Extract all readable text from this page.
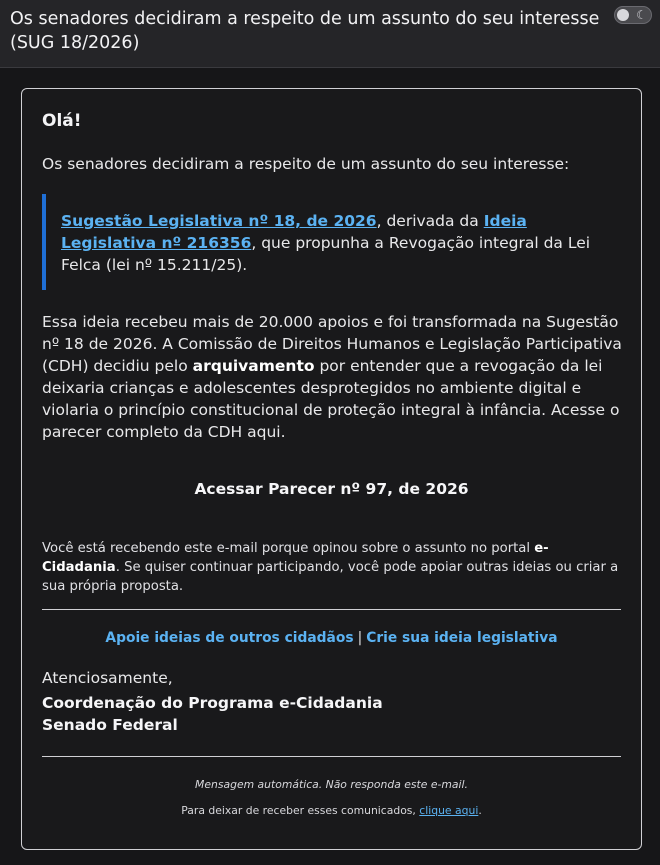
Os senadores decidiram a respeito de um assunto do seu interesse (SUG 18/2026)
☾
Olá!

Os senadores decidiram a respeito de um assunto do seu interesse:

Sugestão Legislativa nº 18, de 2026, derivada da Ideia Legislativa nº 216356, que propunha a Revogação integral da Lei Felca (lei nº 15.211/25).

Essa ideia recebeu mais de 20.000 apoios e foi transformada na Sugestão nº 18 de 2026. A Comissão de Direitos Humanos e Legislação Participativa (CDH) decidiu pelo arquivamento por entender que a revogação da lei deixaria crianças e adolescentes desprotegidos no ambiente digital e violaria o princípio constitucional de proteção integral à infância. Acesse o parecer completo da CDH aqui.

Acessar Parecer nº 97, de 2026

Você está recebendo este e-mail porque opinou sobre o assunto no portal e-Cidadania. Se quiser continuar participando, você pode apoiar outras ideias ou criar a sua própria proposta.

Apoie ideias de outros cidadãos | Crie sua ideia legislativa
Atenciosamente,
Coordenação do Programa e-Cidadania
Senado Federal
Mensagem automática. Não responda este e-mail.
Para deixar de receber esses comunicados, clique aqui.
